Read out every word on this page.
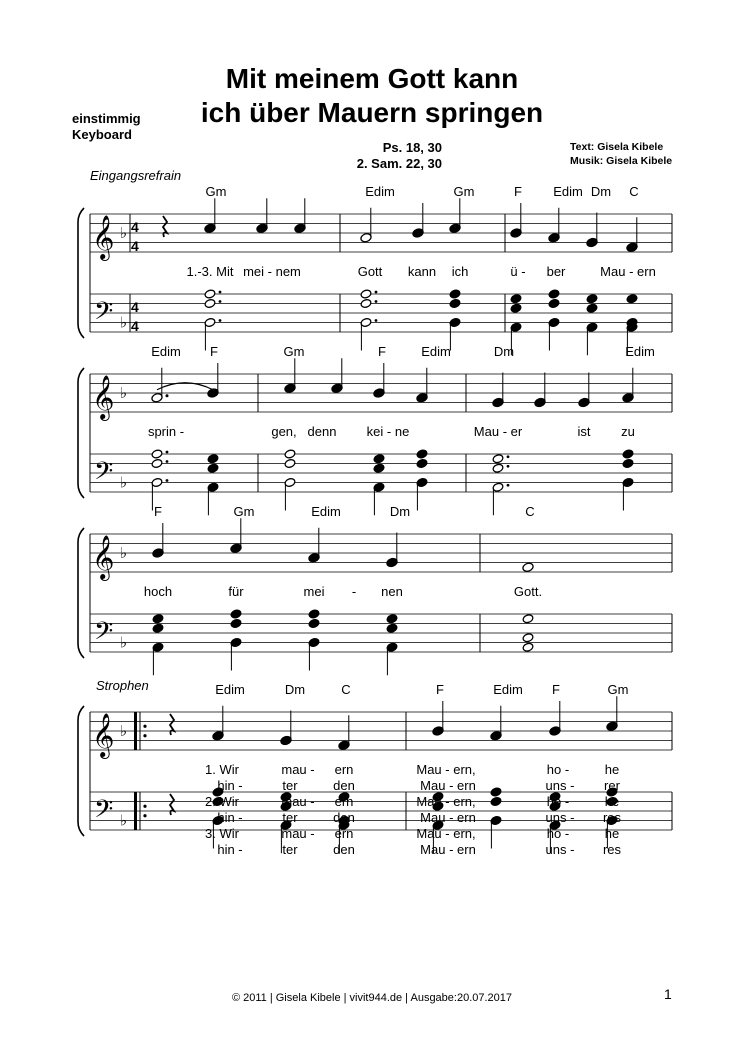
Mit meinem Gott kann
ich über Mauern springen
einstimmig
Keyboard
Ps. 18, 30
2. Sam. 22, 30
Text: Gisela Kibele
Musik: Gisela Kibele
Eingangsrefrain
Strophen
𝄞
𝄢
♭
♭
4
4
4
4
Gm	Edim	Gm	F Edim Dm C
1.-3. Mit mei - nem	Gott kann ich	ü - ber	Mau - ern
𝄞
𝄢
♭
♭
Edim F	Gm	F	Edim	Dm	Edim
sprin -	gen, denn kei - ne	Mau - er	ist zu
𝄞
𝄢
♭
♭
F	Gm	Edim	Dm	C
hoch	für	mei - nen	Gott.
𝄞
𝄢
♭
♭
Edim	Dm	C	F	Edim F	Gm
1. Wir	mau - ern	Mau - ern,	ho -	he
hin -	ter	den	Mau - ern	uns - rer
2. Wir	mau - ern	Mau - ern,	ho -	he
hin -	ter	den	Mau - ern	uns - res
3. Wir	mau - ern	Mau - ern,	ho -	he
hin -	ter	den	Mau - ern	uns - res
© 2011 | Gisela Kibele | vivit944.de | Ausgabe:20.07.2017	1
